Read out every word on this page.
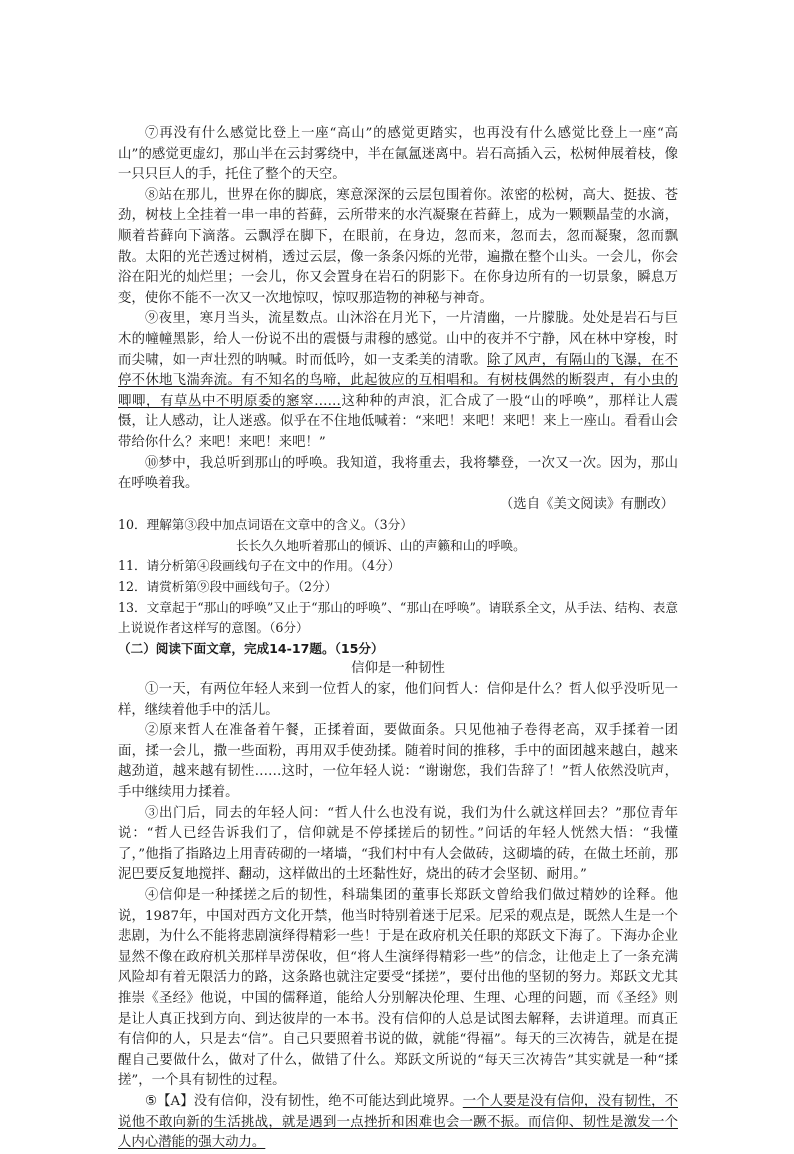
⑦再没有什么感觉比登上一座“高山”的感觉更踏实，也再没有什么感觉比登上一座“高山”的感觉更虚幻，那山半在云封雾绕中，半在氤氲迷离中。岩石高插入云，松树伸展着枝，像一只只巨人的手，托住了整个的天空。

⑧站在那儿，世界在你的脚底，寒意深深的云层包围着你。浓密的松树，高大、挺拔、苍劲，树枝上全挂着一串一串的苔藓，云所带来的水汽凝聚在苔藓上，成为一颗颗晶莹的水滴，顺着苔藓向下滴落。云飘浮在脚下，在眼前，在身边，忽而来，忽而去，忽而凝聚，忽而飘散。太阳的光芒透过树梢，透过云层，像一条条闪烁的光带，遍撒在整个山头。一会儿，你会浴在阳光的灿烂里；一会儿，你又会置身在岩石的阴影下。在你身边所有的一切景象，瞬息万变，使你不能不一次又一次地惊叹，惊叹那造物的神秘与神奇。

⑨夜里，寒月当头，流星数点。山沐浴在月光下，一片清幽，一片朦胧。处处是岩石与巨木的幢幢黑影，给人一份说不出的震慑与肃穆的感觉。山中的夜并不宁静，风在林中穿梭，时而尖啸，如一声壮烈的呐喊。时而低吟，如一支柔美的清歌。除了风声，有隔山的飞瀑，在不停不休地飞湍奔流。有不知名的鸟啼，此起彼应的互相唱和。有树枝偶然的断裂声，有小虫的唧唧，有草丛中不明原委的窸窣……这种种的声浪，汇合成了一股“山的呼唤”，那样让人震慑，让人感动，让人迷惑。似乎在不住地低喊着：“来吧！来吧！来吧！来上一座山。看看山会带给你什么？来吧！来吧！来吧！”

⑩梦中，我总听到那山的呼唤。我知道，我将重去，我将攀登，一次又一次。因为，那山在呼唤着我。

（选自《美文阅读》有删改）

10．理解第③段中加点词语在文章中的含义。（3分）

长长久久地听着那山的倾诉、山的声籁和山的呼唤。

11．请分析第④段画线句子在文中的作用。（4分）

12．请赏析第⑨段中画线句子。（2分）

13．文章起于“那山的呼唤”又止于“那山的呼唤”、“那山在呼唤”。请联系全文，从手法、结构、表意上说说作者这样写的意图。（6分）

（二）阅读下面文章，完成14-17题。（15分）

信仰是一种韧性

①一天，有两位年轻人来到一位哲人的家，他们问哲人：信仰是什么？哲人似乎没听见一样，继续着他手中的活儿。

②原来哲人在准备着午餐，正揉着面，要做面条。只见他袖子卷得老高，双手揉着一团面，揉一会儿，撒一些面粉，再用双手使劲揉。随着时间的推移，手中的面团越来越白，越来越劲道，越来越有韧性……这时，一位年轻人说：“谢谢您，我们告辞了！”哲人依然没吭声，手中继续用力揉着。

③出门后，同去的年轻人问：“哲人什么也没有说，我们为什么就这样回去？”那位青年说：“哲人已经告诉我们了，信仰就是不停揉搓后的韧性。”问话的年轻人恍然大悟：“我懂了，”他指了指路边上用青砖砌的一堵墙，“我们村中有人会做砖，这砌墙的砖，在做土坯前，那泥巴要反复地搅拌、翻动，这样做出的土坯黏性好，烧出的砖才会坚韧、耐用。”

④信仰是一种揉搓之后的韧性，科瑞集团的董事长郑跃文曾给我们做过精妙的诠释。他说，1987年，中国对西方文化开禁，他当时特别着迷于尼采。尼采的观点是，既然人生是一个悲剧，为什么不能将悲剧演绎得精彩一些！于是在政府机关任职的郑跃文下海了。下海办企业显然不像在政府机关那样旱涝保收，但“将人生演绎得精彩一些”的信念，让他走上了一条充满风险却有着无限活力的路，这条路也就注定要受“揉搓”，要付出他的坚韧的努力。郑跃文尤其推崇《圣经》他说，中国的儒释道，能给人分别解决伦理、生理、心理的问题，而《圣经》则是让人真正找到方向、到达彼岸的一本书。没有信仰的人总是试图去解释，去讲道理。而真正有信仰的人，只是去“信”。自己只要照着书说的做，就能“得福”。每天的三次祷告，就是在提醒自己要做什么，做对了什么，做错了什么。郑跃文所说的“每天三次祷告”其实就是一种“揉搓”，一个具有韧性的过程。

⑤【A】没有信仰，没有韧性，绝不可能达到此境界。一个人要是没有信仰，没有韧性，不说他不敢向新的生活挑战，就是遇到一点挫折和困难也会一蹶不振。而信仰、韧性是激发一个人内心潜能的强大动力。
